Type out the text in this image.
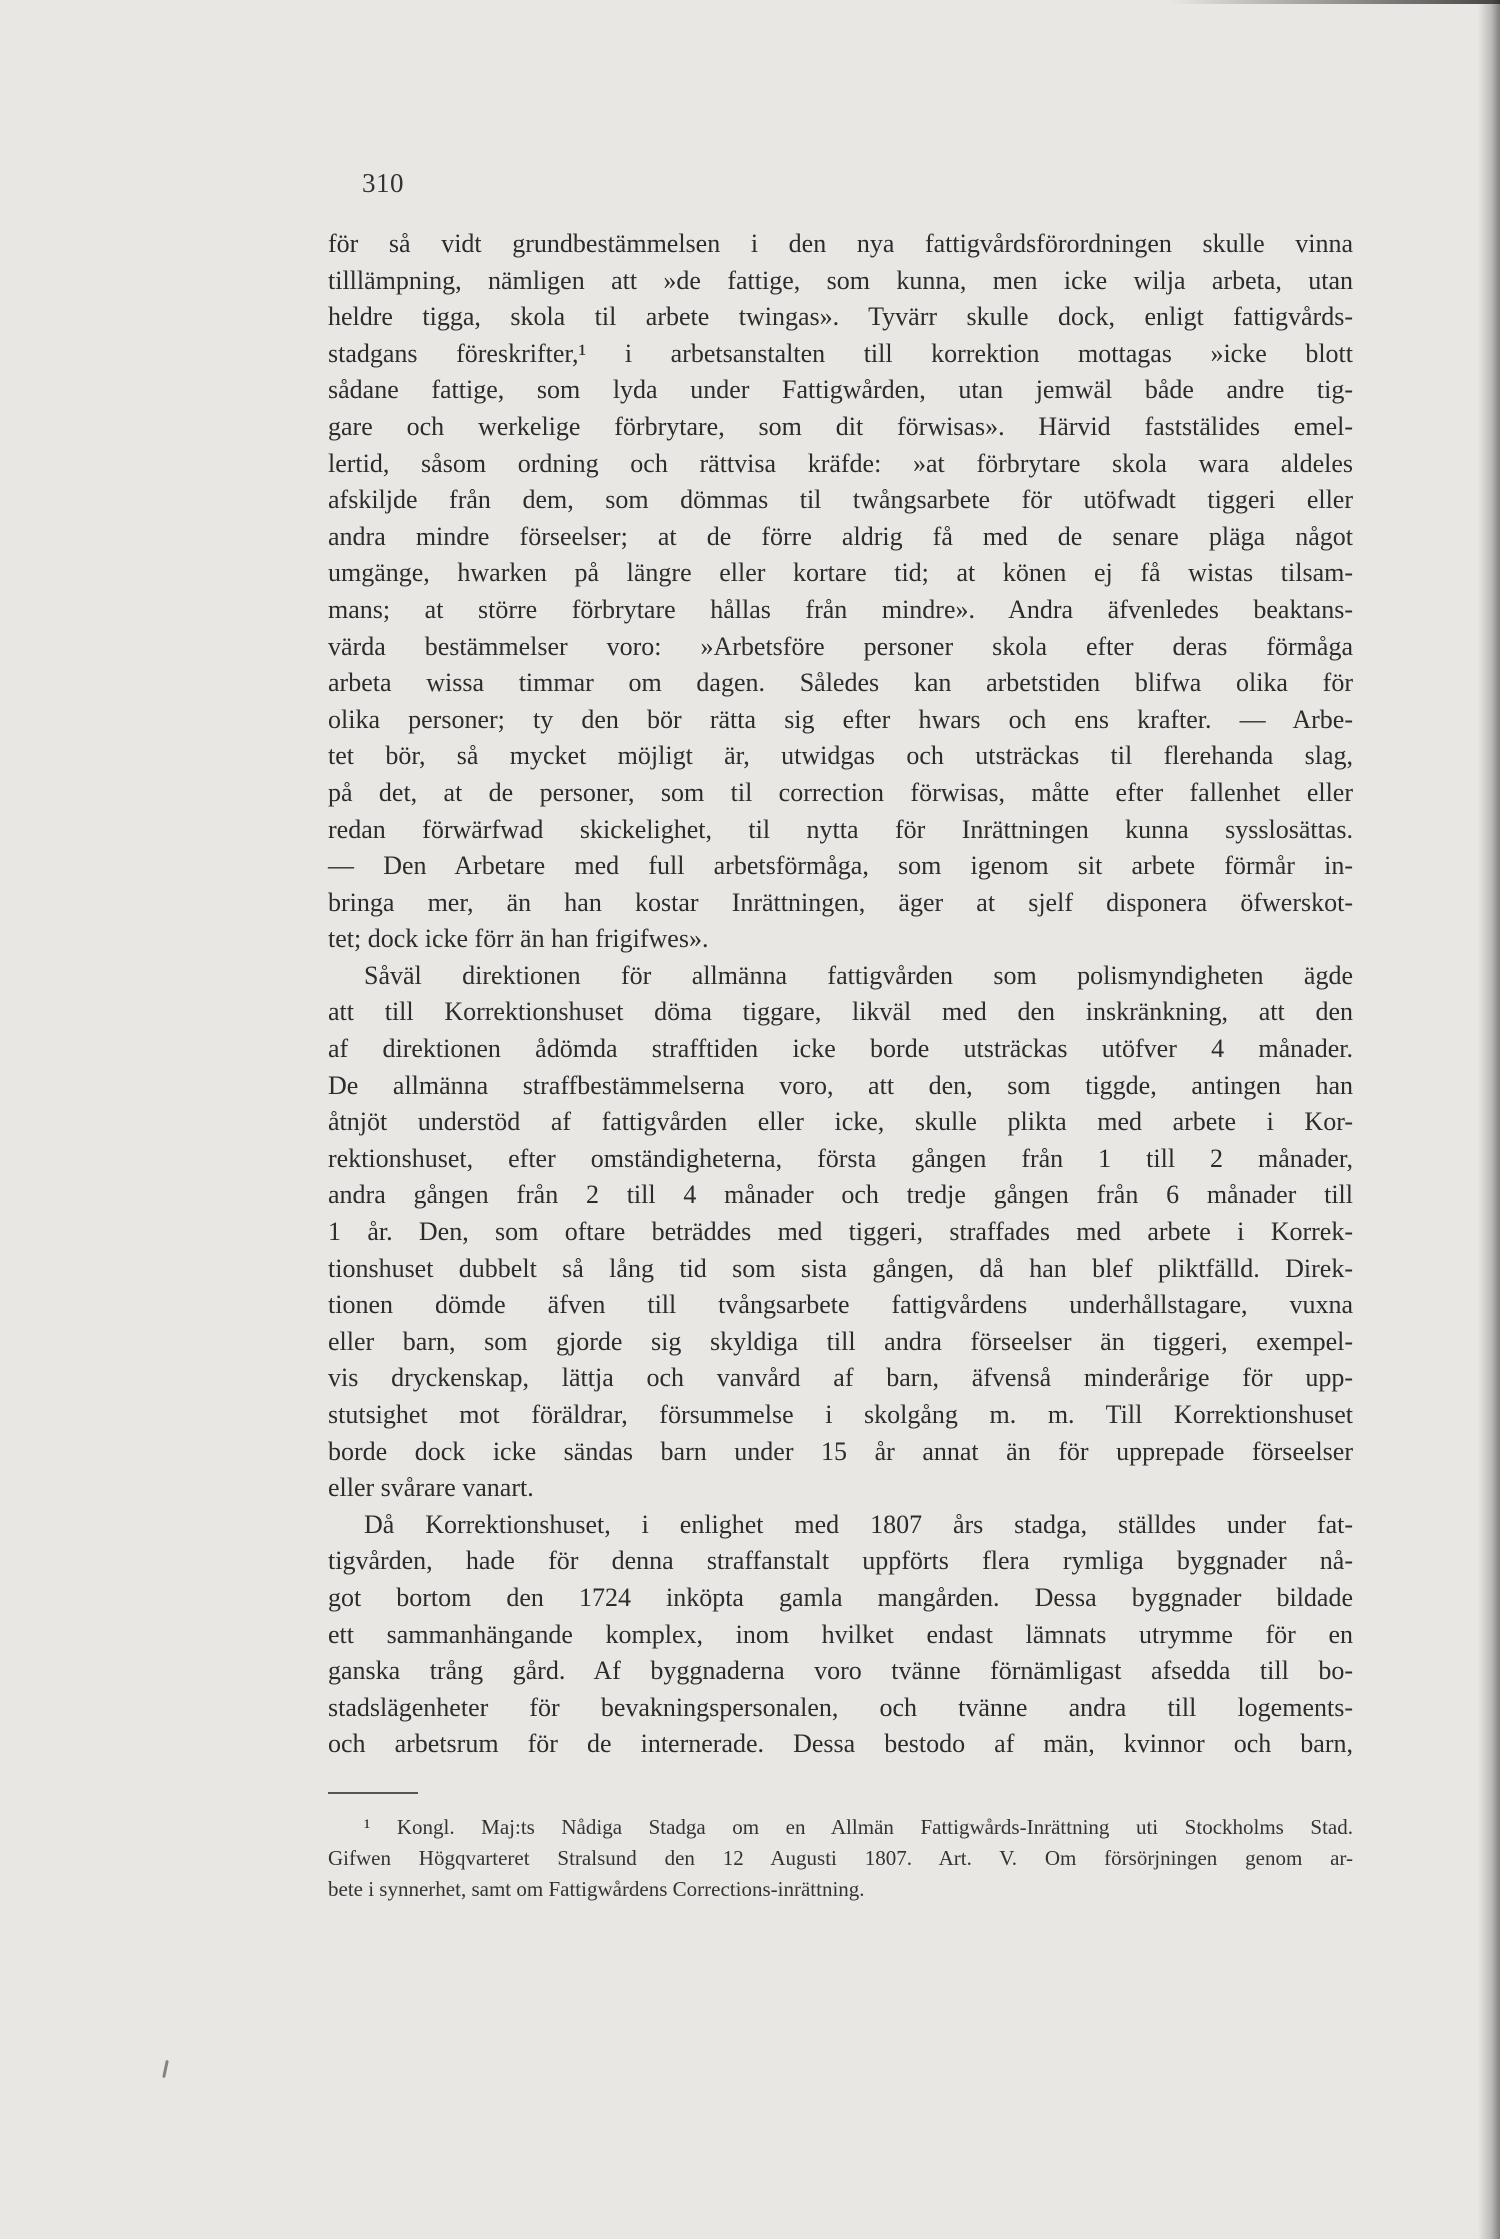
310
för så vidt grundbestämmelsen i den nya fattigvårdsförordningen skulle vinna
tilllämpning, nämligen att »de fattige, som kunna, men icke wilja arbeta, utan
heldre tigga, skola til arbete twingas». Tyvärr skulle dock, enligt fattigvårds-
stadgans föreskrifter,¹ i arbetsanstalten till korrektion mottagas »icke blott
sådane fattige, som lyda under Fattigwården, utan jemwäl både andre tig-
gare och werkelige förbrytare, som dit förwisas». Härvid faststälides emel-
lertid, såsom ordning och rättvisa kräfde: »at förbrytare skola wara aldeles
afskiljde från dem, som dömmas til twångsarbete för utöfwadt tiggeri eller
andra mindre förseelser; at de förre aldrig få med de senare pläga något
umgänge, hwarken på längre eller kortare tid; at könen ej få wistas tilsam-
mans; at större förbrytare hållas från mindre». Andra äfvenledes beaktans-
värda bestämmelser voro: »Arbetsföre personer skola efter deras förmåga
arbeta wissa timmar om dagen. Således kan arbetstiden blifwa olika för
olika personer; ty den bör rätta sig efter hwars och ens krafter. — Arbe-
tet bör, så mycket möjligt är, utwidgas och utsträckas til flerehanda slag,
på det, at de personer, som til correction förwisas, måtte efter fallenhet eller
redan förwärfwad skickelighet, til nytta för Inrättningen kunna sysslosättas.
— Den Arbetare med full arbetsförmåga, som igenom sit arbete förmår in-
bringa mer, än han kostar Inrättningen, äger at sjelf disponera öfwerskot-
tet; dock icke förr än han frigifwes».
Såväl direktionen för allmänna fattigvården som polismyndigheten ägde
att till Korrektionshuset döma tiggare, likväl med den inskränkning, att den
af direktionen ådömda strafftiden icke borde utsträckas utöfver 4 månader.
De allmänna straffbestämmelserna voro, att den, som tiggde, antingen han
åtnjöt understöd af fattigvården eller icke, skulle plikta med arbete i Kor-
rektionshuset, efter omständigheterna, första gången från 1 till 2 månader,
andra gången från 2 till 4 månader och tredje gången från 6 månader till
1 år. Den, som oftare beträddes med tiggeri, straffades med arbete i Korrek-
tionshuset dubbelt så lång tid som sista gången, då han blef pliktfälld. Direk-
tionen dömde äfven till tvångsarbete fattigvårdens underhållstagare, vuxna
eller barn, som gjorde sig skyldiga till andra förseelser än tiggeri, exempel-
vis dryckenskap, lättja och vanvård af barn, äfvenså minderårige för upp-
stutsighet mot föräldrar, försummelse i skolgång m. m. Till Korrektionshuset
borde dock icke sändas barn under 15 år annat än för upprepade förseelser
eller svårare vanart.
Då Korrektionshuset, i enlighet med 1807 års stadga, ställdes under fat-
tigvården, hade för denna straffanstalt uppförts flera rymliga byggnader nå-
got bortom den 1724 inköpta gamla mangården. Dessa byggnader bildade
ett sammanhängande komplex, inom hvilket endast lämnats utrymme för en
ganska trång gård. Af byggnaderna voro tvänne förnämligast afsedda till bo-
stadslägenheter för bevakningspersonalen, och tvänne andra till logements-
och arbetsrum för de internerade. Dessa bestodo af män, kvinnor och barn,
¹ Kongl. Maj:ts Nådiga Stadga om en Allmän Fattigwårds-Inrättning uti Stockholms Stad.
Gifwen Högqvarteret Stralsund den 12 Augusti 1807. Art. V. Om försörjningen genom ar-
bete i synnerhet, samt om Fattigwårdens Corrections-inrättning.
